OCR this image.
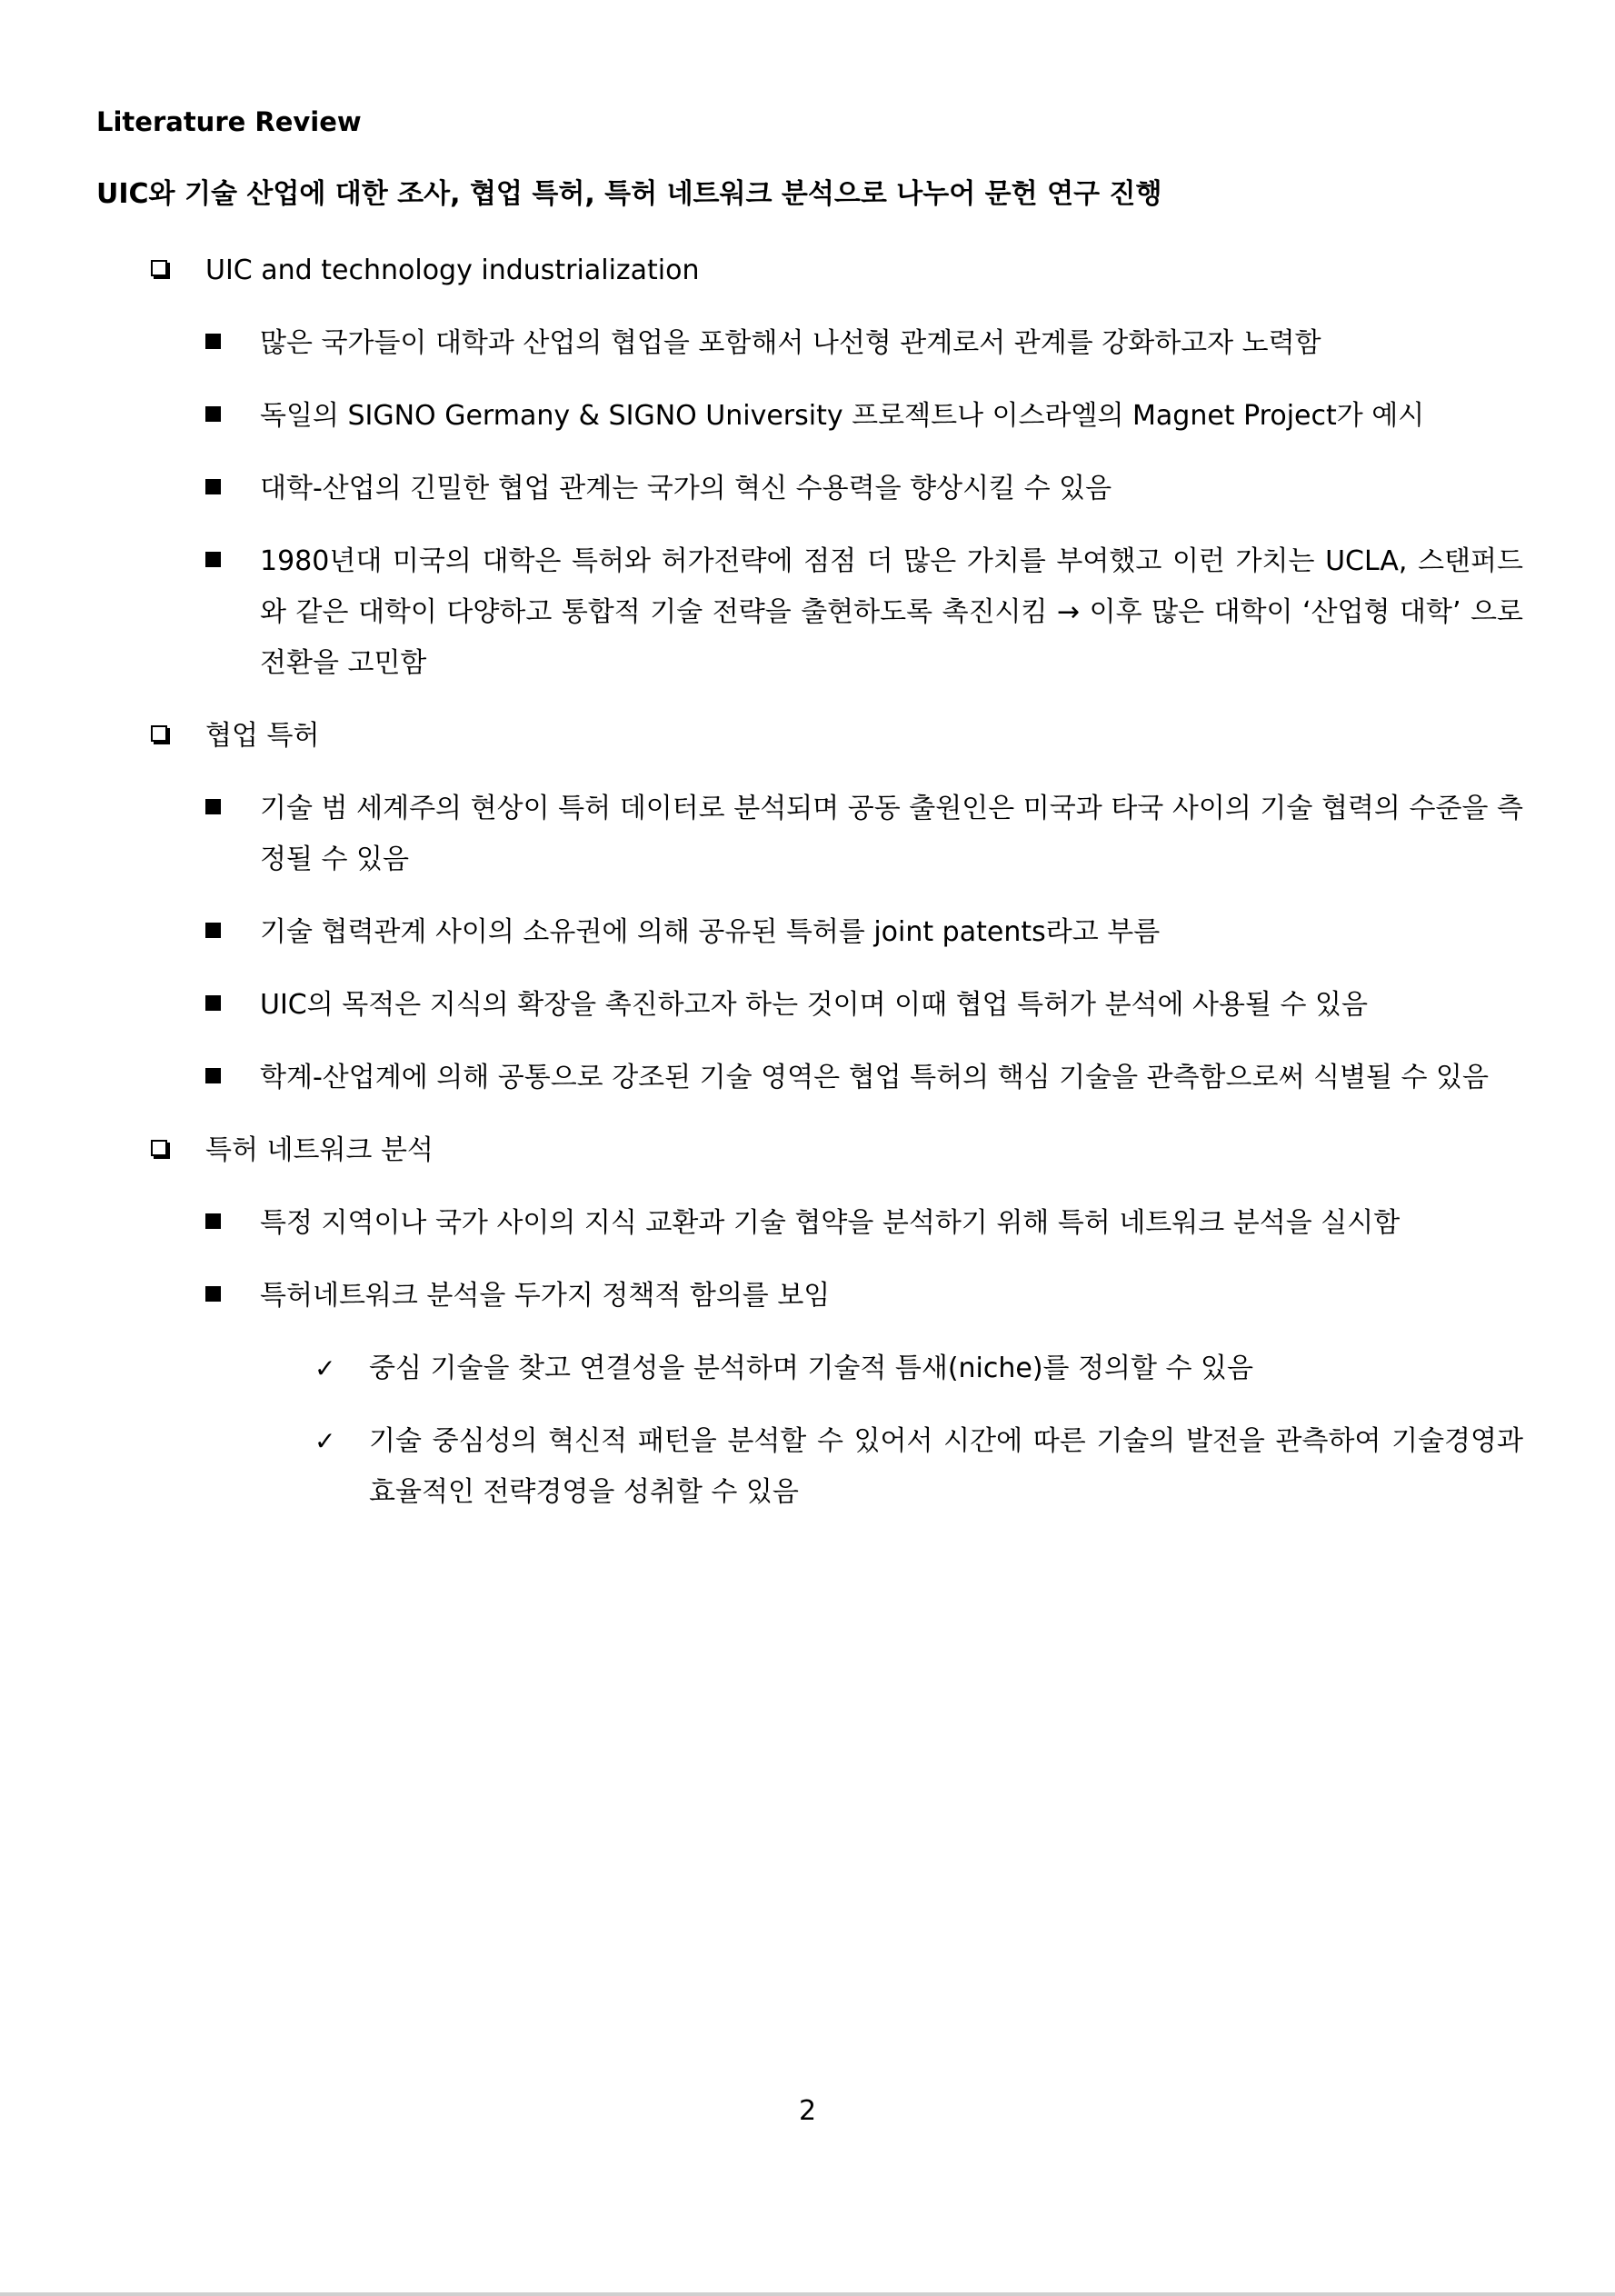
Literature Review
UIC와 기술 산업에 대한 조사, 협업 특허, 특허 네트워크 분석으로 나누어 문헌 연구 진행
UIC and technology industrialization
많은 국가들이 대학과 산업의 협업을 포함해서 나선형 관계로서 관계를 강화하고자 노력함
독일의 SIGNO Germany & SIGNO University 프로젝트나 이스라엘의 Magnet Project가 예시
대학-산업의 긴밀한 협업 관계는 국가의 혁신 수용력을 향상시킬 수 있음
1980년대 미국의 대학은 특허와 허가전략에 점점 더 많은 가치를 부여했고 이런 가치는 UCLA, 스탠퍼드와 같은 대학이 다양하고 통합적 기술 전략을 출현하도록 촉진시킴 → 이후 많은 대학이 ‘산업형 대학’ 으로 전환을 고민함
협업 특허
기술 범 세계주의 현상이 특허 데이터로 분석되며 공동 출원인은 미국과 타국 사이의 기술 협력의 수준을 측정될 수 있음
기술 협력관계 사이의 소유권에 의해 공유된 특허를 joint patents라고 부름
UIC의 목적은 지식의 확장을 촉진하고자 하는 것이며 이때 협업 특허가 분석에 사용될 수 있음
학계-산업계에 의해 공통으로 강조된 기술 영역은 협업 특허의 핵심 기술을 관측함으로써 식별될 수 있음
특허 네트워크 분석
특정 지역이나 국가 사이의 지식 교환과 기술 협약을 분석하기 위해 특허 네트워크 분석을 실시함
특허네트워크 분석을 두가지 정책적 함의를 보임
✓ 중심 기술을 찾고 연결성을 분석하며 기술적 틈새(niche)를 정의할 수 있음
✓ 기술 중심성의 혁신적 패턴을 분석할 수 있어서 시간에 따른 기술의 발전을 관측하여 기술경영과 효율적인 전략경영을 성취할 수 있음
2
